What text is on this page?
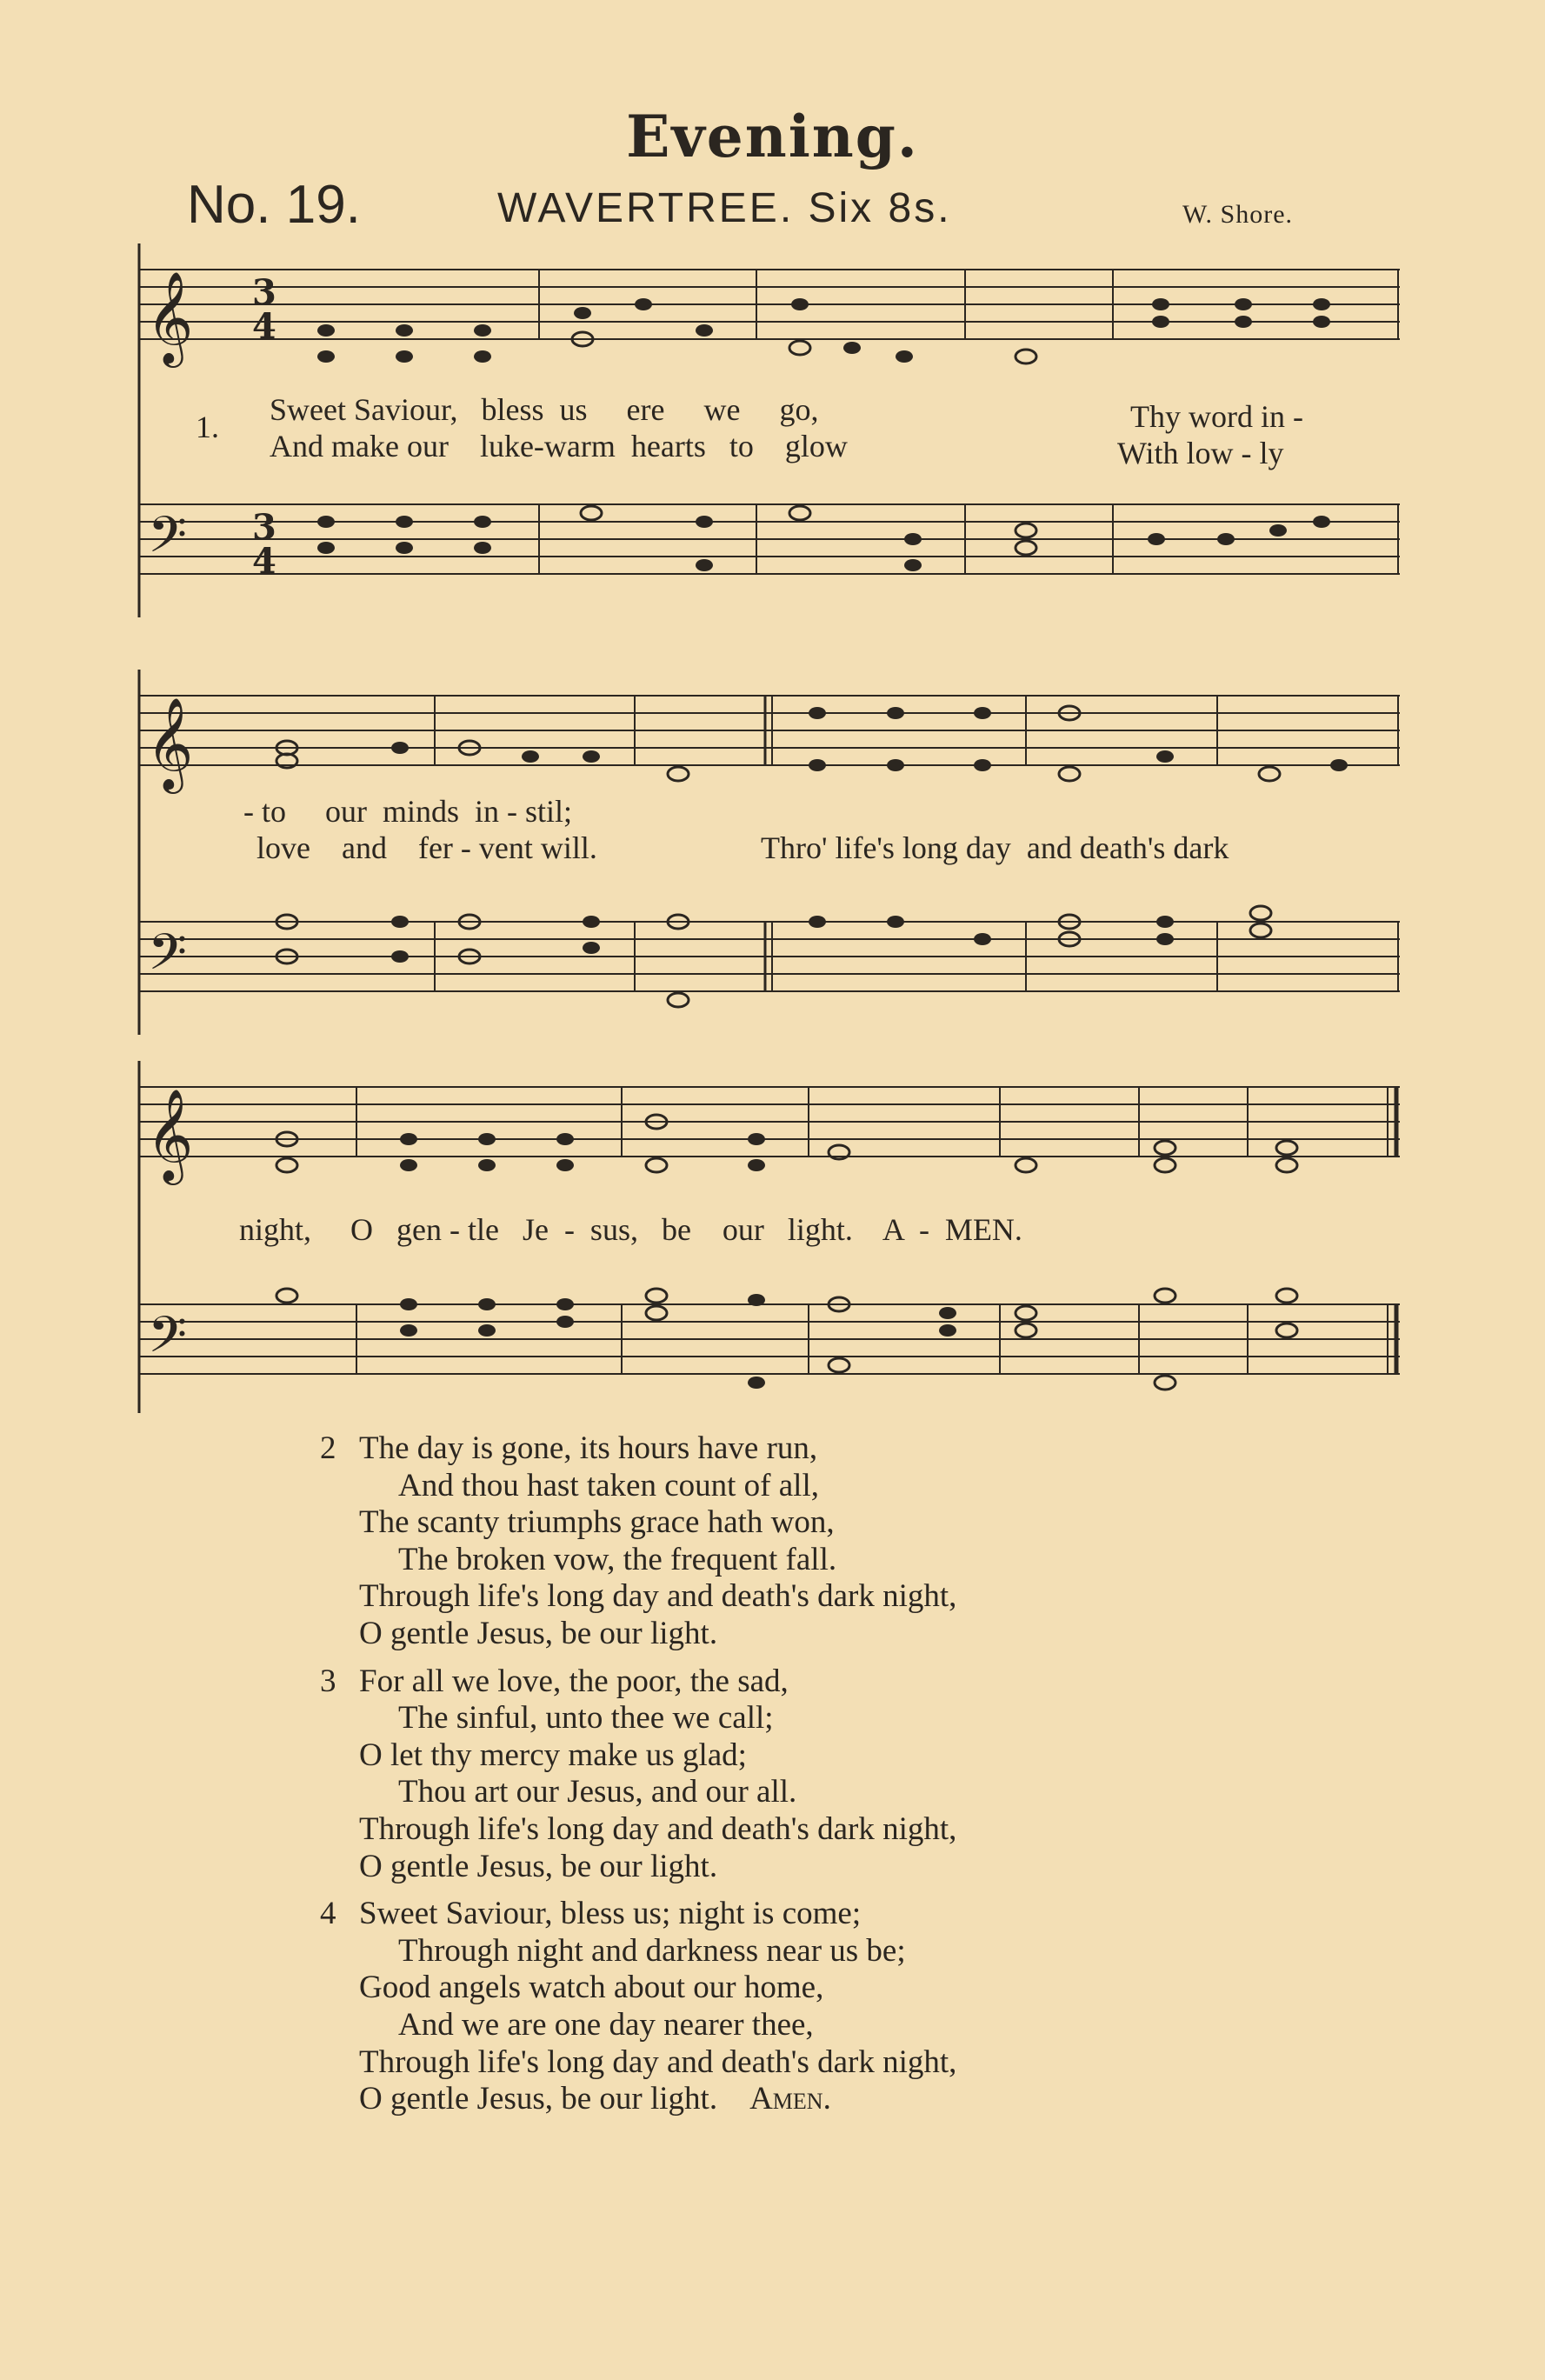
Evening.
No. 19.	WAVERTREE. Six 8s.	W. Shore.
𝄞
𝄢
3
4
3
4
1. Sweet Saviour,   bless  us     ere     we     go,
And make our    luke-warm  hearts   to    glow
Thy word in -
With low - ly
𝄞
𝄢
- to     our  minds  in - stil;
love    and    fer - vent will.	Thro' life's long day  and death's dark
𝄞
𝄢
night,     O   gen - tle   Je  -  sus,   be    our   light.    A  -  MEN.
2 The day is gone, its hours have run,
And thou hast taken count of all,
The scanty triumphs grace hath won,
The broken vow, the frequent fall.
Through life's long day and death's dark night,
O gentle Jesus, be our light.
3 For all we love, the poor, the sad,
The sinful, unto thee we call;
O let thy mercy make us glad;
Thou art our Jesus, and our all.
Through life's long day and death's dark night,
O gentle Jesus, be our light.
4 Sweet Saviour, bless us; night is come;
Through night and darkness near us be;
Good angels watch about our home,
And we are one day nearer thee,
Through life's long day and death's dark night,
O gentle Jesus, be our light. Amen.
